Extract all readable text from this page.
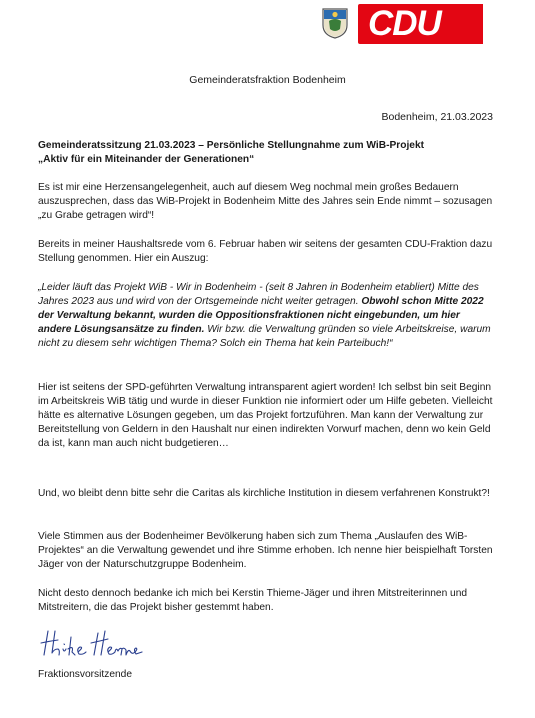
CDU
Gemeinderatsfraktion Bodenheim
Bodenheim, 21.03.2023

Gemeinderatssitzung 21.03.2023 – Persönliche Stellungnahme zum WiB-Projekt

„Aktiv für ein Miteinander der Generationen“

Es ist mir eine Herzensangelegenheit, auch auf diesem Weg nochmal mein großes Bedauern auszusprechen, dass das WiB-Projekt in Bodenheim Mitte des Jahres sein Ende nimmt – sozusagen „zu Grabe getragen wird“!

Bereits in meiner Haushaltsrede vom 6. Februar haben wir seitens der gesamten CDU-Fraktion dazu Stellung genommen. Hier ein Auszug:

„Leider läuft das Projekt WiB - Wir in Bodenheim - (seit 8 Jahren in Bodenheim etabliert) Mitte des Jahres 2023 aus und wird von der Ortsgemeinde nicht weiter getragen. Obwohl schon Mitte 2022 der Verwaltung bekannt, wurden die Oppositionsfraktionen nicht eingebunden, um hier andere Lösungsansätze zu finden. Wir bzw. die Verwaltung gründen so viele Arbeitskreise, warum nicht zu diesem sehr wichtigen Thema? Solch ein Thema hat kein Parteibuch!“

Hier ist seitens der SPD-geführten Verwaltung intransparent agiert worden! Ich selbst bin seit Beginn im Arbeitskreis WiB tätig und wurde in dieser Funktion nie informiert oder um Hilfe gebeten. Vielleicht hätte es alternative Lösungen gegeben, um das Projekt fortzuführen. Man kann der Verwaltung zur Bereitstellung von Geldern in den Haushalt nur einen indirekten Vorwurf machen, denn wo kein Geld da ist, kann man auch nicht budgetieren…

Und, wo bleibt denn bitte sehr die Caritas als kirchliche Institution in diesem verfahrenen Konstrukt?!

Viele Stimmen aus der Bodenheimer Bevölkerung haben sich zum Thema „Auslaufen des WiB-Projektes“ an die Verwaltung gewendet und ihre Stimme erhoben. Ich nenne hier beispielhaft Torsten Jäger von der Naturschutzgruppe Bodenheim.

Nicht desto dennoch bedanke ich mich bei Kerstin Thieme-Jäger und ihren Mitstreiterinnen und Mitstreitern, die das Projekt bisher gestemmt haben.

Fraktionsvorsitzende
